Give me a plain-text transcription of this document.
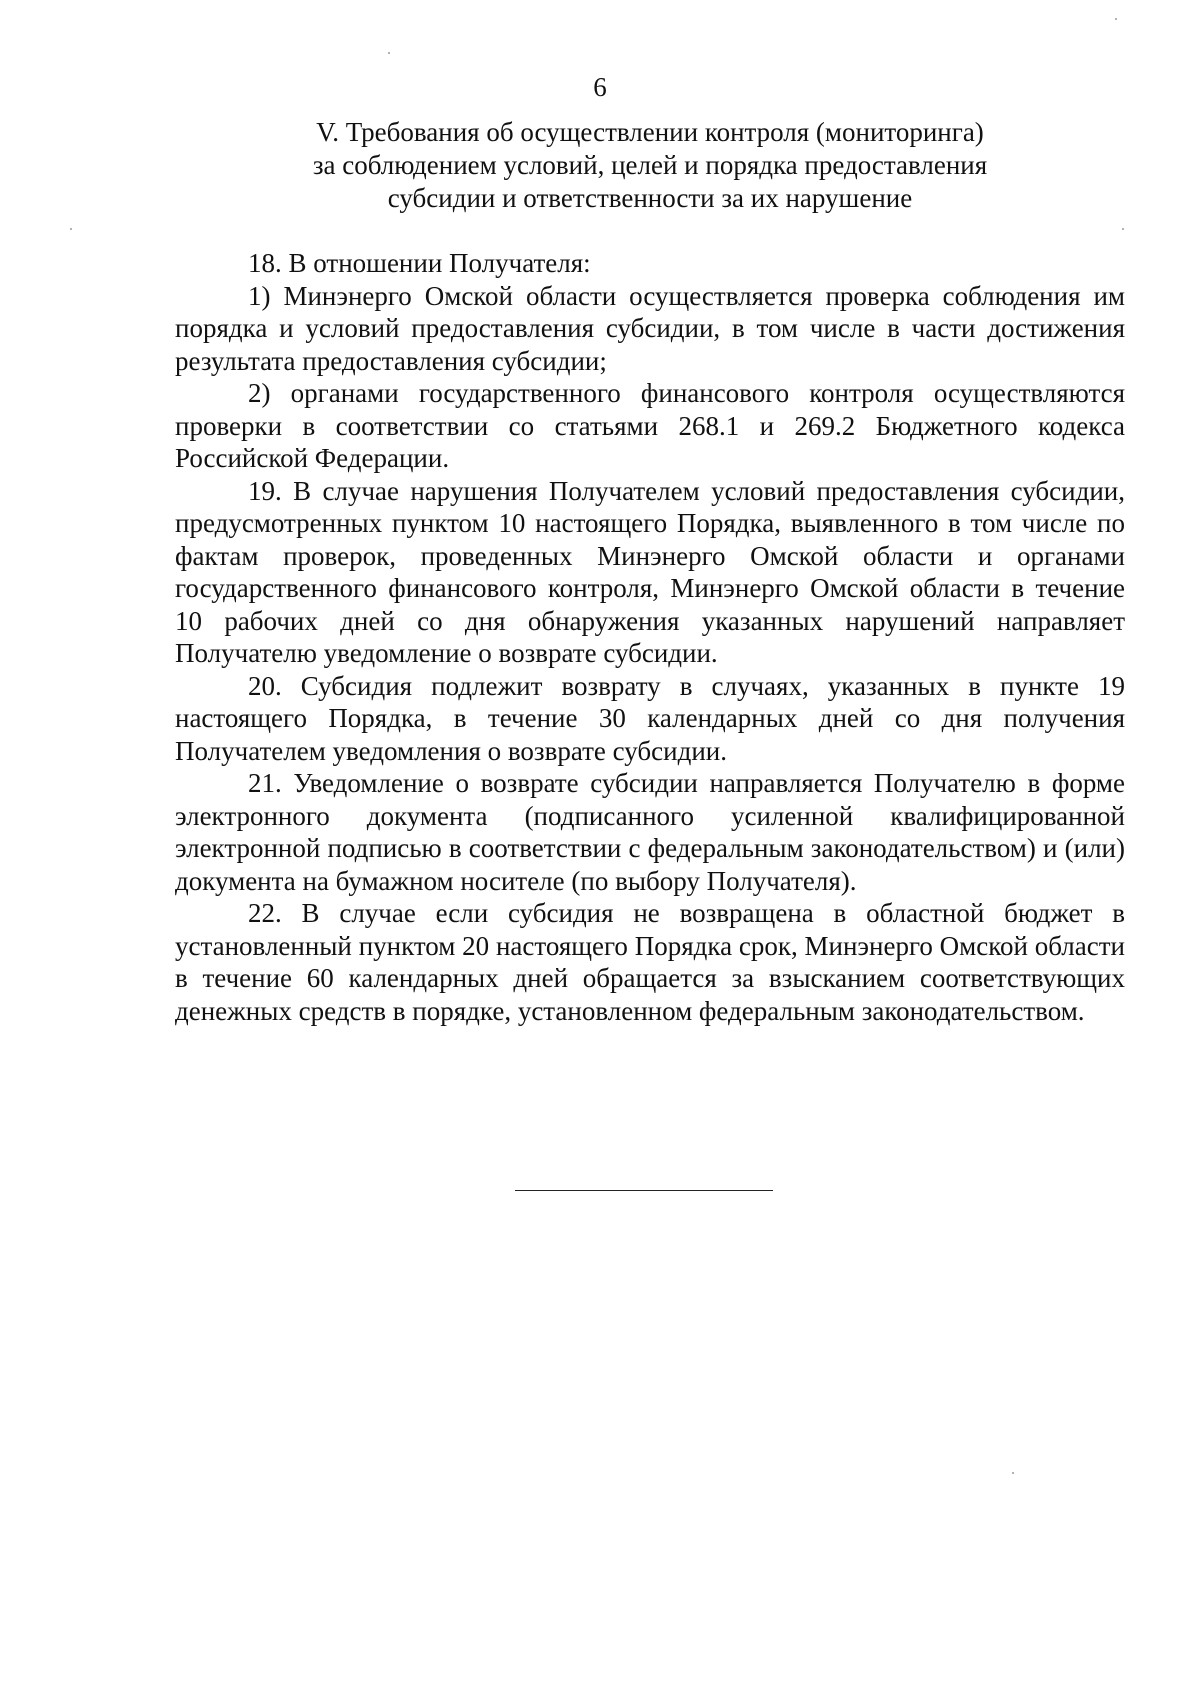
6
V. Требования об осуществлении контроля (мониторинга)
за соблюдением условий, целей и порядка предоставления
субсидии и ответственности за их нарушение

18. В отношении Получателя:

1) Минэнерго Омской области осуществляется проверка соблюдения им порядка и условий предоставления субсидии, в том числе в части достижения результата предоставления субсидии;

2) органами государственного финансового контроля осуществляются проверки в соответствии со статьями 268.1 и 269.2 Бюджетного кодекса Российской Федерации.

19. В случае нарушения Получателем условий предоставления субсидии, предусмотренных пунктом 10 настоящего Порядка, выявленного в том числе по фактам проверок, проведенных Минэнерго Омской области и органами государственного финансового контроля, Минэнерго Омской области в течение 10 рабочих дней со дня обнаружения указанных нарушений направляет Получателю уведомление о возврате субсидии.

20. Субсидия подлежит возврату в случаях, указанных в пункте 19 настоящего Порядка, в течение 30 календарных дней со дня получения Получателем уведомления о возврате субсидии.

21. Уведомление о возврате субсидии направляется Получателю в форме электронного документа (подписанного усиленной квалифицированной электронной подписью в соответствии с федеральным законодательством) и (или) документа на бумажном носителе (по выбору Получателя).

22. В случае если субсидия не возвращена в областной бюджет в установленный пунктом 20 настоящего Порядка срок, Минэнерго Омской области в течение 60 календарных дней обращается за взысканием соответствующих денежных средств в порядке, установленном федеральным законодательством.
